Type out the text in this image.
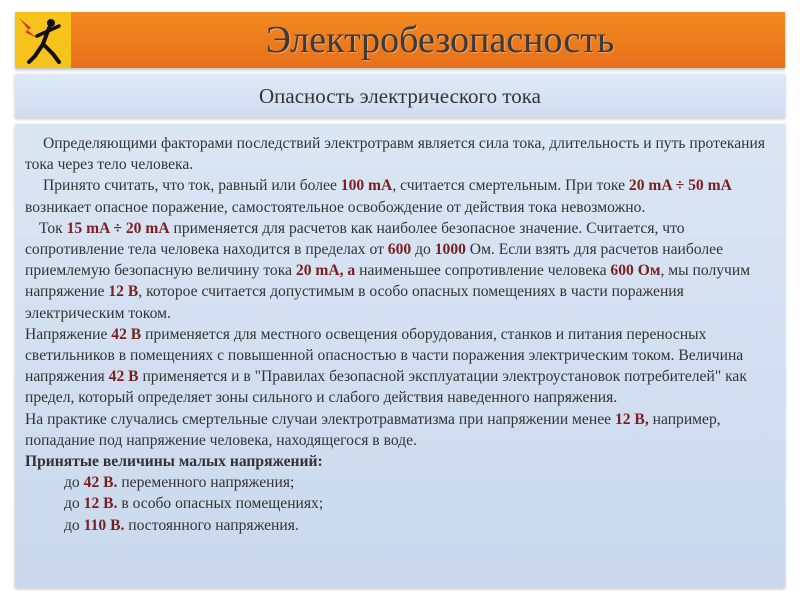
Электробезопасность
Опасность электрического тока

Определяющими факторами последствий электротравм является сила тока, длительность и путь протекания тока через тело человека.

Принято считать, что ток, равный или более 100 mA, считается смертельным. При токе 20 mA ÷ 50 mA возникает опасное поражение, самостоятельное освобождение от действия тока невозможно.

Ток 15 mA ÷ 20 mA применяется для расчетов как наиболее безопасное значение. Считается, что сопротивление тела человека находится в пределах от 600 до 1000 Ом. Если взять для расчетов наиболее приемлемую безопасную величину тока 20 mA, а наименьшее сопротивление человека 600 Ом, мы получим напряжение 12 В, которое считается допустимым в особо опасных помещениях в части поражения электрическим током.

Напряжение 42 В применяется для местного освещения оборудования, станков и питания переносных светильников в помещениях с повышенной опасностью в части поражения электрическим током. Величина напряжения 42 В применяется и в "Правилах безопасной эксплуатации электроустановок потребителей" как предел, который определяет зоны сильного и слабого действия наведенного напряжения.

На практике случались смертельные случаи электротравматизма при напряжении менее 12 В, например, попадание под напряжение человека, находящегося в воде.

Принятые величины малых напряжений:

до 42 В. переменного напряжения;

до 12 В. в особо опасных помещениях;

до 110 В. постоянного напряжения.
